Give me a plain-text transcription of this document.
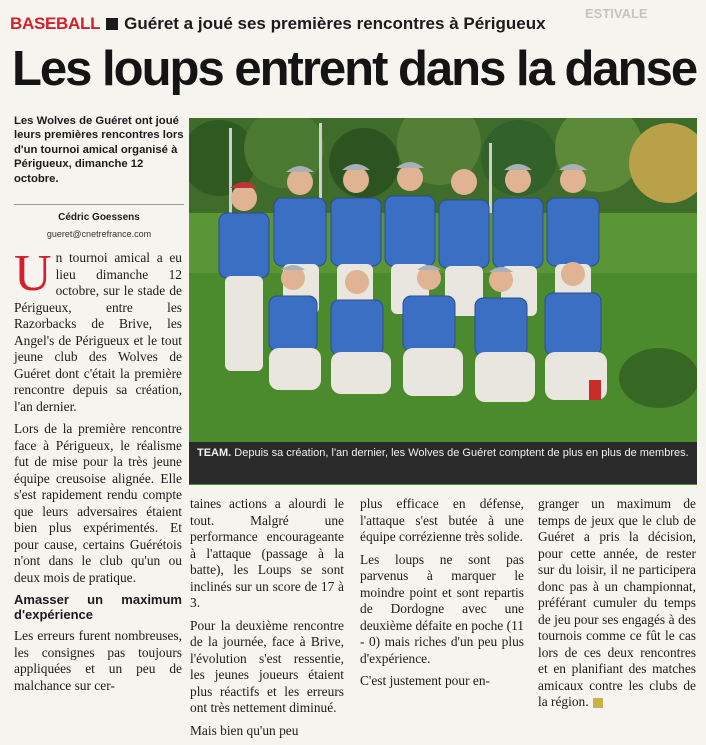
BASEBALL Guéret a joué ses premières rencontres à Périgueux
ESTIVALE
Les loups entrent dans la danse
Les Wolves de Guéret ont joué leurs premières rencontres lors d'un tournoi amical organisé à Périgueux, dimanche 12 octobre.
Cédric Goessens
gueret@cnetrefrance.com
TEAM. Depuis sa création, l'an dernier, les Wolves de Guéret comptent de plus en plus de membres.

U n tournoi amical a eu lieu dimanche 12 octobre, sur le stade de Périgueux, entre les Razorbacks de Brive, les Angel's de Périgueux et le tout jeune club des Wolves de Guéret dont c'était la première rencontre depuis sa création, l'an dernier.

Lors de la première rencontre face à Périgueux, le réalisme fut de mise pour la très jeune équipe creusoise alignée. Elle s'est rapidement rendu compte que leurs adversaires étaient bien plus expérimentés. Et pour cause, certains Guérétois n'ont dans le club qu'un ou deux mois de pratique.

Amasser un maximum d'expérience

Les erreurs furent nombreuses, les consignes pas toujours appliquées et un peu de malchance sur cer-

taines actions a alourdi le tout. Malgré une performance encourageante à l'attaque (passage à la batte), les Loups se sont inclinés sur un score de 17 à 3.

Pour la deuxième rencontre de la journée, face à Brive, l'évolution s'est ressentie, les jeunes joueurs étaient plus réactifs et les erreurs ont très nettement diminué.

Mais bien qu'un peu

plus efficace en défense, l'attaque s'est butée à une équipe corrézienne très solide.

Les loups ne sont pas parvenus à marquer le moindre point et sont repartis de Dordogne avec une deuxième défaite en poche (11 - 0) mais riches d'un peu plus d'expérience.

C'est justement pour en-

granger un maximum de temps de jeux que le club de Guéret a pris la décision, pour cette année, de rester sur du loisir, il ne participera donc pas à un championnat, préférant cumuler du temps de jeu pour ses engagés à des tournois comme ce fût le cas lors de ces deux rencontres et en planifiant des matches amicaux contre les clubs de la région.
